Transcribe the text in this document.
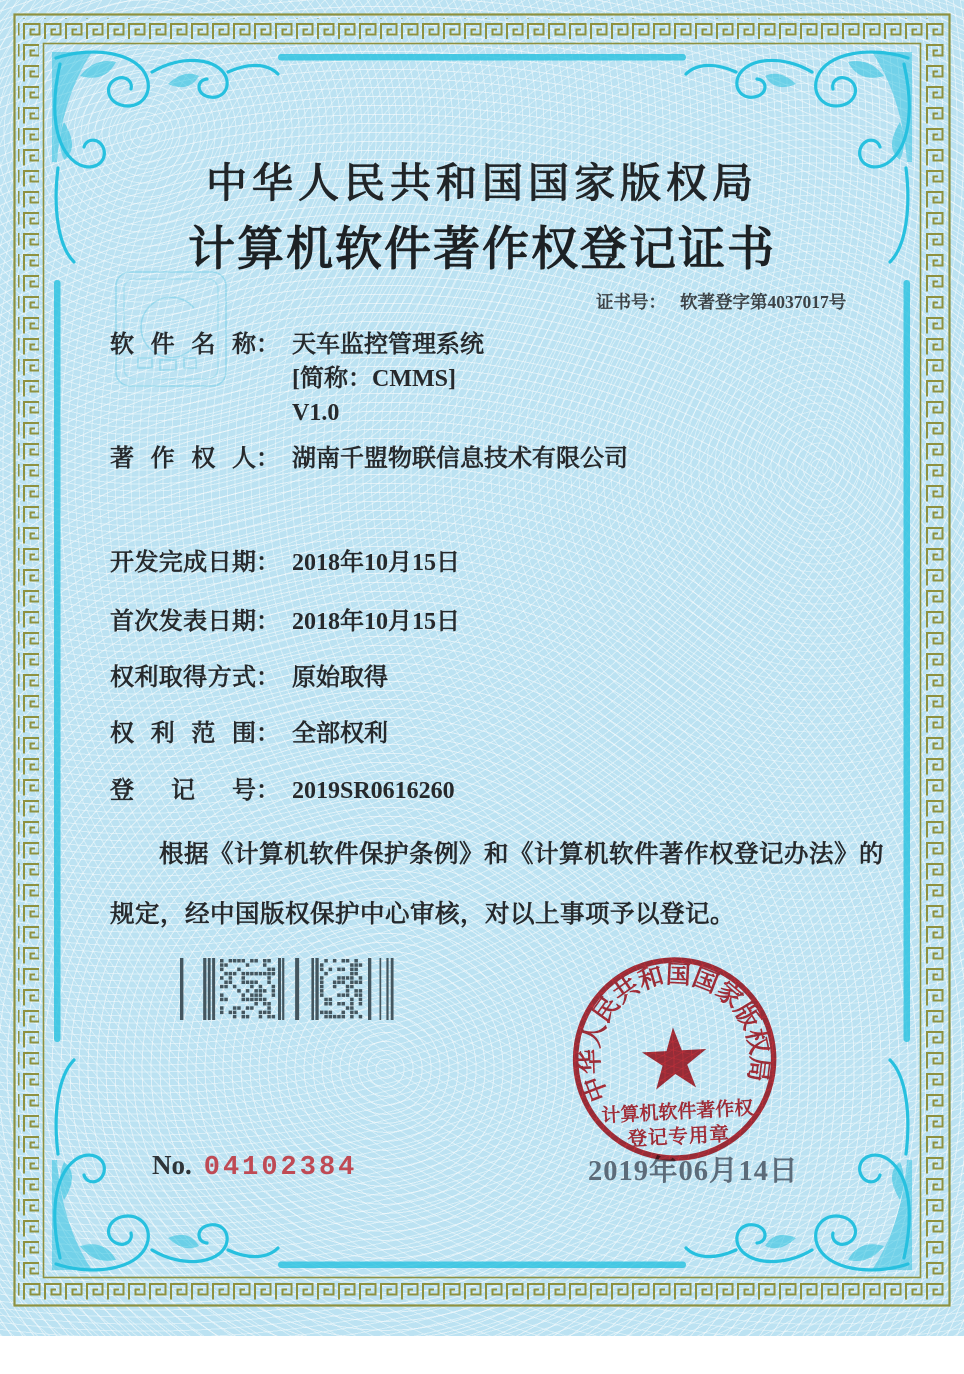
中华人民共和国国家版权局
计算机软件著作权登记证书
证书号： 软著登字第4037017号
软 件 名 称 ： 天车监控管理系统
[简称：CMMS]
V1.0
著 作 权 人 ： 湖南千盟物联信息技术有限公司
开 发 完 成 日 期 ： 2018年10月15日
首 次 发 表 日 期 ： 2018年10月15日
权 利 取 得 方 式 ： 原始取得
权 利 范 围 ： 全部权利
登 记 号 ： 2019SR0616260
根据《计算机软件保护条例》和《计算机软件著作权登记办法》的
规定，经中国版权保护中心审核，对以上事项予以登记。
2019年06月14日
中华人民共和国国家版权局
★
计算机软件著作权
登记专用章
No. 04102384
